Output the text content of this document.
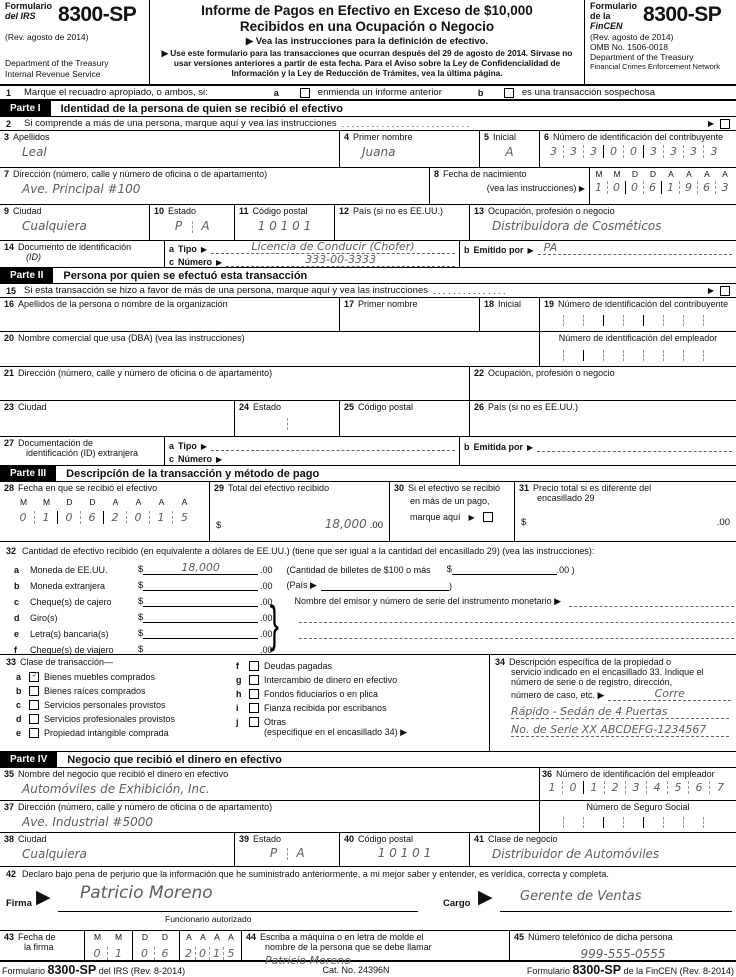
Formulario
del IRS	8300-SP
(Rev. agosto de 2014)
Department of the Treasury
Internal Revenue Service
Informe de Pagos en Efectivo en Exceso de $10,000
Recibidos en una Ocupación o Negocio
▶ Vea las instrucciones para la definición de efectivo.
▶ Use este formulario para las transacciones que ocurran después del 29 de agosto de 2014. Sírvase no usar versiones anteriores a partir de esta fecha. Para el Aviso sobre la Ley de Confidencialidad de Información y la Ley de Reducción de Trámites, vea la última página.
Formulario
de la
FinCEN 8300-SP
(Rev. agosto de 2014)
OMB No. 1506-0018
Department of the Treasury
Financial Crimes Enforcement Network
1	Marque el recuadro apropiado, o ambos, si:	a	enmienda un informe anterior	b	es una transacción sospechosa
Parte I	Identidad de la persona de quien se recibió el efectivo
2	Si comprende a más de una persona, marque aquí y vea las instrucciones . . . . . . . . . . . . . . . . . . . . . . . . . .	▶
3 Apellidos
Leal
4 Primer nombre
Juana
5 Inicial
A
6 Número de identificación del contribuyente
3	3	3	0	0	3	3	3	3
7 Dirección (número, calle y número de oficina o de apartamento)
Ave. Principal #100
8 Fecha de nacimiento
(vea las instrucciones) ▶
M	M	D	D	A	A	A	A
1	0	0	6	1	9	6	3
9 Ciudad
Cualquiera
10 Estado
P	A
11 Código postal
1 0 1 0 1
12 País (si no es EE.UU.)	13 Ocupación, profesión o negocio
Distribuidora de Cosméticos
14 Documento de identificación
(ID)
a Tipo ▶	Licencia de Conducir (Chofer)
c Número ▶	333-00-3333
b Emitido por ▶ PA
Parte II	Persona por quien se efectuó esta transacción
15 Si esta transacción se hizo a favor de más de una persona, marque aquí y vea las instrucciones . . . . . . . . . . . . . . .	▶
16 Apellidos de la persona o nombre de la organización	17 Primer nombre	18 Inicial	19 Número de identificación del contribuyente
20 Nombre comercial que usa (DBA) (vea las instrucciones)	Número de identificación del empleador
21 Dirección (número, calle y número de oficina o de apartamento)	22 Ocupación, profesión o negocio
23 Ciudad	24 Estado	25 Código postal	26 País (si no es EE.UU.)
27 Documentación de
identificación (ID) extranjera
a Tipo ▶
c Número ▶
b Emitida por ▶
Parte III	Descripción de la transacción y método de pago
28 Fecha en que se recibió el efectivo
M	M	D	D	A	A	A	A
0	1	0	6	2	0	1	5
29 Total del efectivo recibido
$	18,000 .00
30 Si el efectivo se recibió
en más de un pago,
marque aquí ▶
31 Precio total si es diferente del
encasillado 29
$	.00
32 Cantidad de efectivo recibido (en equivalente a dólares de EE.UU.) (tiene que ser igual a la cantidad del encasillado 29) (vea las instrucciones):
}
a	Moneda de EE.UU.	$	18,000	.00 (Cantidad de billetes de $100 o más $	.00 )
b	Moneda extranjera	$	.00 (País ▶	)
c	Cheque(s) de cajero	$	.00 Nombre del emisor y número de serie del instrumento monetario ▶
d	Giro(s)	$	.00
e	Letra(s) bancaria(s)	$	.00
f	Cheque(s) de viajero	$	.00
33 Clase de transacción—
a ✓ Bienes muebles comprados
b	Bienes raíces comprados
c	Servicios personales provistos
d	Servicios profesionales provistos
e	Propiedad intangible comprada
f	Deudas pagadas
g	Intercambio de dinero en efectivo
h	Fondos fiduciarios o en plica
i	Fianza recibida por escribanos
j	Otras
(especifique en el encasillado 34) ▶
34 Descripción específica de la propiedad o
servicio indicado en el encasillado 33. Indique el
número de serie o de registro, dirección,
número de caso, etc. ▶	Corre
Rápido - Sedán de 4 Puertas
No. de Serie XX ABCDEFG-1234567
Parte IV	Negocio que recibió el dinero en efectivo
35 Nombre del negocio que recibió el dinero en efectivo
Automóviles de Exhibición, Inc.
36 Número de identificación del empleador
1	0	1	2	3	4	5	6	7
37 Dirección (número, calle y número de oficina o de apartamento)
Ave. Industrial #5000
Número de Seguro Social
38 Ciudad
Cualquiera
39 Estado
P	A
40 Código postal
1 0 1 0 1
41 Clase de negocio
Distribuidor de Automóviles
42 Declaro bajo pena de perjurio que la información que he suministrado anteriormente, a mi mejor saber y entender, es verídica, correcta y completa.
Firma ▶ Patricio Moreno
Funcionario autorizado
Cargo ▶ Gerente de Ventas
43 Fecha de
la firma
M	M
0	1
D	D
0	6
A A A A
2 0 1 5
44 Escriba a máquina o en letra de molde el
nombre de la persona que se debe llamar
Patricio Moreno
45 Número telefónico de dicha persona
999-555-0555
Formulario 8300-SP del IRS (Rev. 8-2014)	Cat. No. 24396N	Formulario 8300-SP de la FinCEN (Rev. 8-2014)
